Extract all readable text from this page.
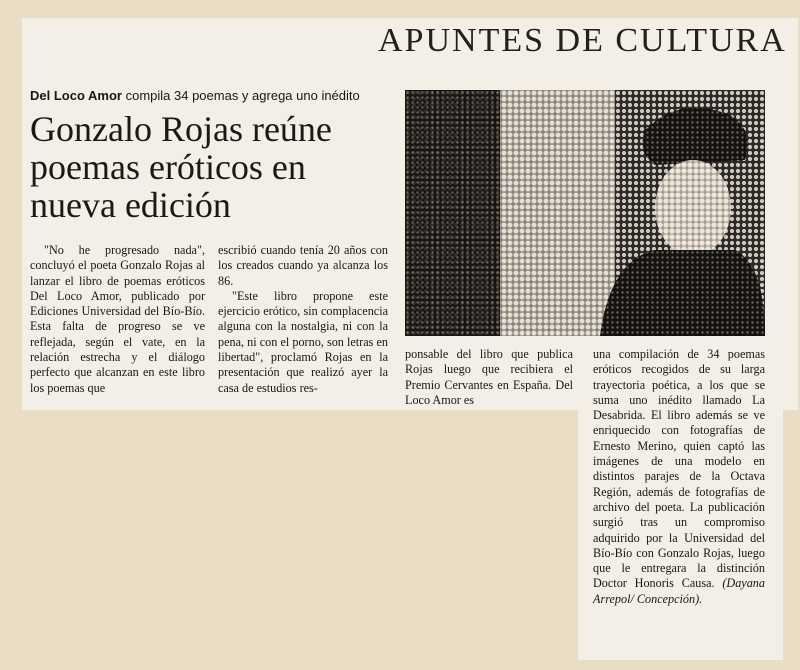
APUNTES DE CULTURA
Del Loco Amor compila 34 poemas y agrega uno inédito
Gonzalo Rojas reúne poemas eróticos en nueva edición

"No he progresado nada", concluyó el poeta Gonzalo Rojas al lanzar el libro de poemas eróticos Del Loco Amor, publicado por Ediciones Universidad del Bío-Bío. Esta falta de progreso se ve reflejada, según el vate, en la relación estrecha y el diálogo perfecto que alcanzan en este libro los poemas que

escribió cuando tenía 20 años con los creados cuando ya alcanza los 86.

"Este libro propone este ejercicio erótico, sin complacencia alguna con la nostalgia, ni con la pena, ni con el porno, son letras en libertad", proclamó Rojas en la presentación que realizó ayer la casa de estudios res-

ponsable del libro que publica Rojas luego que recibiera el Premio Cervantes en España. Del Loco Amor es

una compilación de 34 poemas eróticos recogidos de su larga trayectoria poética, a los que se suma uno inédito llamado La Desabrida. El libro además se ve enriquecido con fotografías de Ernesto Merino, quien captó las imágenes de una modelo en distintos parajes de la Octava Región, además de fotografías de archivo del poeta. La publicación surgió tras un compromiso adquirido por la Universidad del Bío-Bío con Gonzalo Rojas, luego que le entregara la distinción Doctor Honoris Causa. (Dayana Arrepol/ Concepción).
